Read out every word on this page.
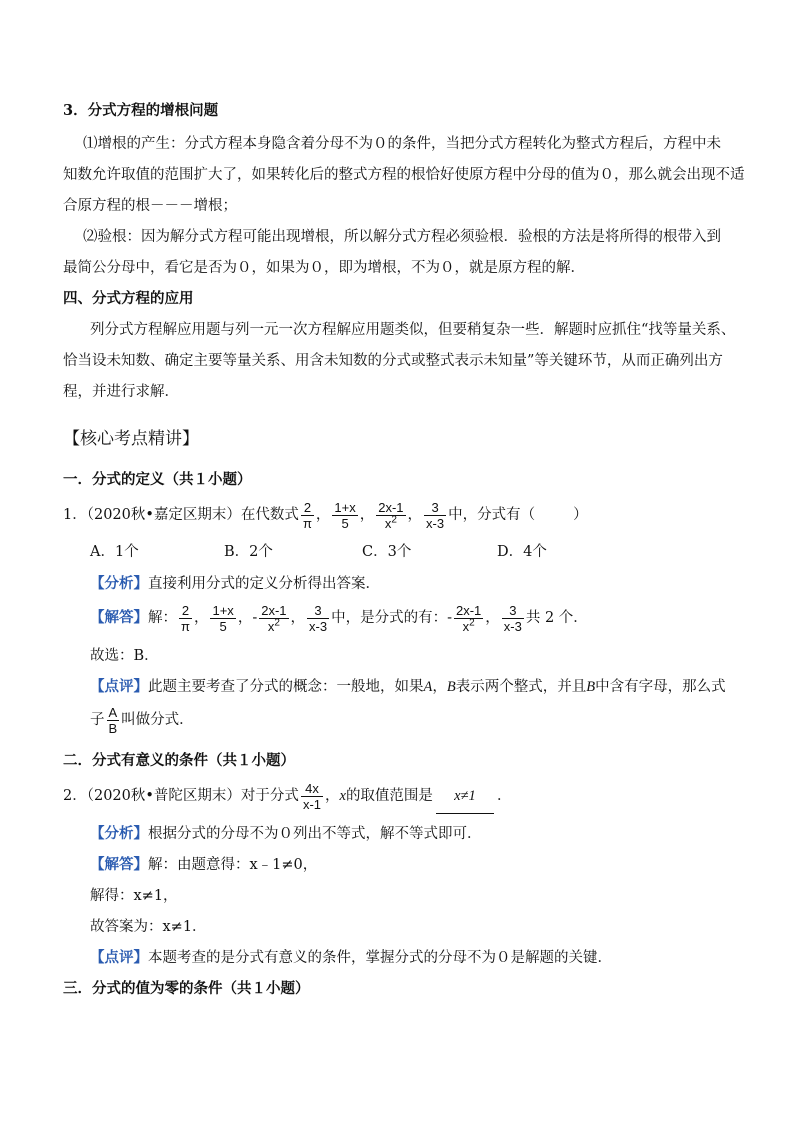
3．分式方程的增根问题
⑴增根的产生：分式方程本身隐含着分母不为０的条件，当把分式方程转化为整式方程后，方程中未
知数允许取值的范围扩大了，如果转化后的整式方程的根恰好使原方程中分母的值为０，那么就会出现不适
合原方程的根－－－增根；
⑵验根：因为解分式方程可能出现增根，所以解分式方程必须验根．验根的方法是将所得的根带入到
最简公分母中，看它是否为０，如果为０，即为增根，不为０，就是原方程的解．
四、分式方程的应用
列分式方程解应用题与列一元一次方程解应用题类似，但要稍复杂一些．解题时应抓住“找等量关系、
恰当设未知数、确定主要等量关系、用含未知数的分式或整式表示未知量”等关键环节，从而正确列出方
程，并进行求解．
【核心考点精讲】
一．分式的定义（共１小题）
1．（2020秋•嘉定区期末）在代数式 $\frac{2}{\pi}$ ， $\frac{1+x}{5}$ ， $\frac{2x-1}{x^2}$ ， $\frac{3}{x-3}$ 中，分式有（	）
A．1个	B．2个	C．3个	D．4个
【分析】直接利用分式的定义分析得出答案．
【解答】解： $\frac{2}{\pi}$ ， $\frac{1+x}{5}$ ，- $\frac{2x-1}{x^2}$ ， $\frac{3}{x-3}$ 中，是分式的有：- $\frac{2x-1}{x^2}$ ， $\frac{3}{x-3}$ 共 2 个．
故选：B．
【点评】此题主要考查了分式的概念：一般地，如果A，B表示两个整式，并且B中含有字母，那么式
子 $\frac{A}{B}$ 叫做分式．
二．分式有意义的条件（共１小题）
2．（2020秋•普陀区期末）对于分式 $\frac{4x}{x-1}$ ，x的取值范围是 x≠1 ．
【分析】根据分式的分母不为０列出不等式，解不等式即可．
【解答】解：由题意得：x﹣1≠0，
解得：x≠1，
故答案为：x≠1．
【点评】本题考查的是分式有意义的条件，掌握分式的分母不为０是解题的关键．
三．分式的值为零的条件（共１小题）
